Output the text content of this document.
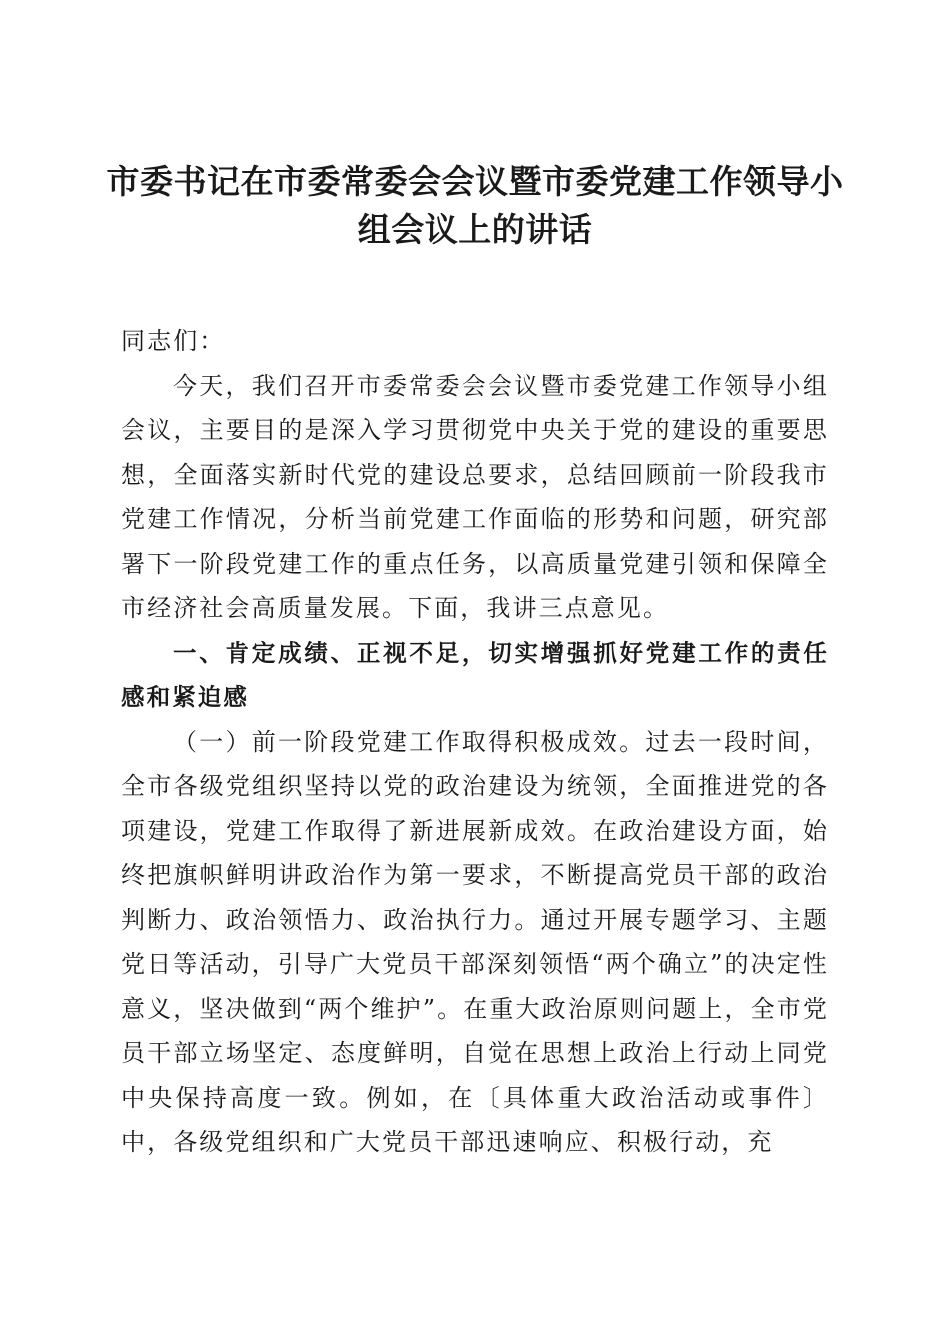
市委书记在市委常委会会议暨市委党建工作领导小组会议上的讲话

同志们：

今天，我们召开市委常委会会议暨市委党建工作领导小组会议，主要目的是深入学习贯彻党中央关于党的建设的重要思想，全面落实新时代党的建设总要求，总结回顾前一阶段我市党建工作情况，分析当前党建工作面临的形势和问题，研究部署下一阶段党建工作的重点任务，以高质量党建引领和保障全市经济社会高质量发展。下面，我讲三点意见。

一、肯定成绩、正视不足，切实增强抓好党建工作的责任感和紧迫感

（一）前一阶段党建工作取得积极成效。过去一段时间，全市各级党组织坚持以党的政治建设为统领，全面推进党的各项建设，党建工作取得了新进展新成效。在政治建设方面，始终把旗帜鲜明讲政治作为第一要求，不断提高党员干部的政治判断力、政治领悟力、政治执行力。通过开展专题学习、主题党日等活动，引导广大党员干部深刻领悟“两个确立”的决定性意义，坚决做到“两个维护”。在重大政治原则问题上，全市党员干部立场坚定、态度鲜明，自觉在思想上政治上行动上同党中央保持高度一致。例如，在〔具体重大政治活动或事件〕中，各级党组织和广大党员干部迅速响应、积极行动，充
